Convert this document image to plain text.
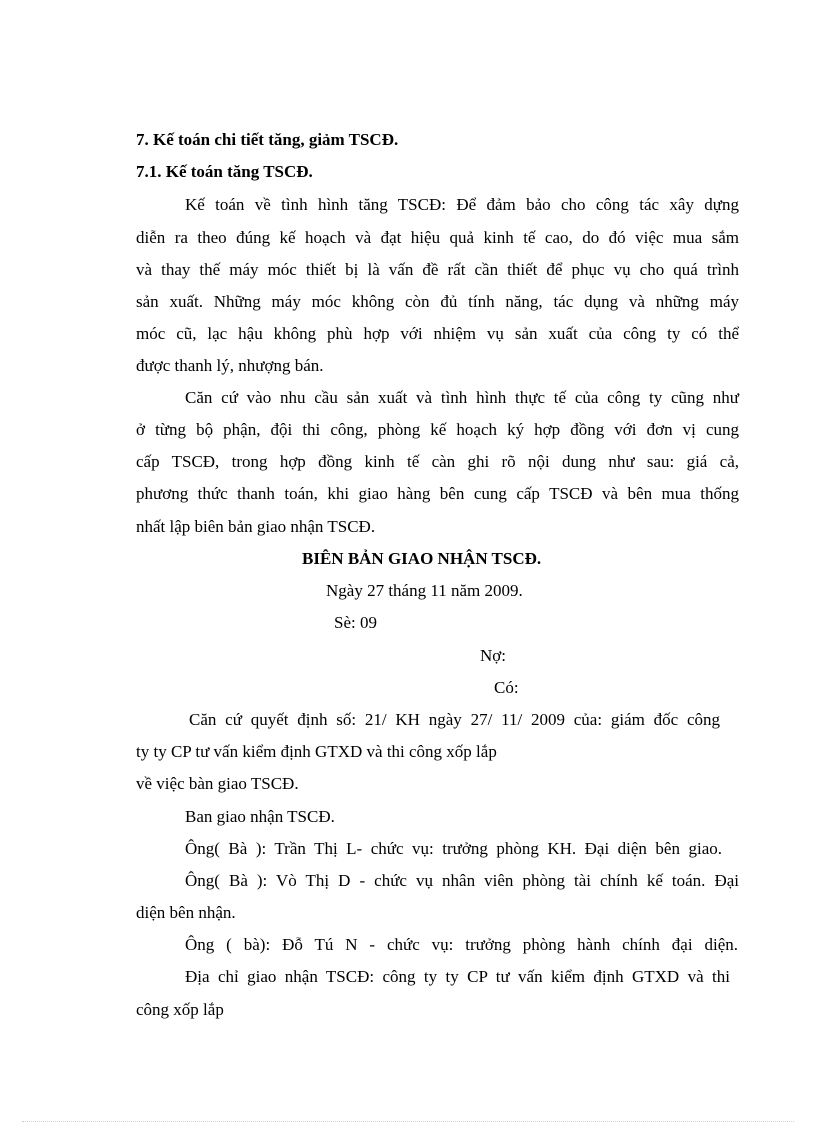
7. Kế toán chi tiết tăng, giảm TSCĐ.
7.1. Kế toán tăng TSCĐ.
Kế toán về tình hình tăng TSCĐ: Để đảm bảo cho công tác xây dựng
diễn ra theo đúng kế hoạch và đạt hiệu quả kinh tế cao, do đó việc mua sắm
và thay thế máy móc thiết bị là vấn đề rất cần thiết để phục vụ cho quá trình
sản xuất. Những máy móc không còn đủ tính năng, tác dụng và những máy
móc cũ, lạc hậu không phù hợp với nhiệm vụ sản xuất của công ty có thể
được thanh lý, nhượng bán.
Căn cứ vào nhu cầu sản xuất và tình hình thực tế của công ty cũng như
ở từng bộ phận, đội thi công, phòng kế hoạch ký hợp đồng với đơn vị cung
cấp TSCĐ, trong hợp đồng kinh tế càn ghi rõ nội dung như sau: giá cả,
phương thức thanh toán, khi giao hàng bên cung cấp TSCĐ và bên mua thống
nhất lập biên bản giao nhận TSCĐ.
BIÊN BẢN GIAO NHẬN TSCĐ.
Ngày 27 tháng 11 năm 2009.
Sè: 09
Nợ:
Có:
Căn cứ quyết định số: 21/ KH ngày 27/ 11/ 2009 của: giám đốc công
ty ty CP tư vấn kiểm định GTXD và thi công xốp lắp
về việc bàn giao TSCĐ.
Ban giao nhận TSCĐ.
Ông( Bà ): Trần Thị L- chức vụ: trưởng phòng KH. Đại diện bên giao.
Ông( Bà ): Vò Thị D - chức vụ nhân viên phòng tài chính kế toán. Đại
diện bên nhận.
Ông ( bà): Đỗ Tú N - chức vụ: trưởng phòng hành chính đại diện.
Địa chỉ giao nhận TSCĐ: công ty ty CP tư vấn kiểm định GTXD và thi
công xốp lắp
